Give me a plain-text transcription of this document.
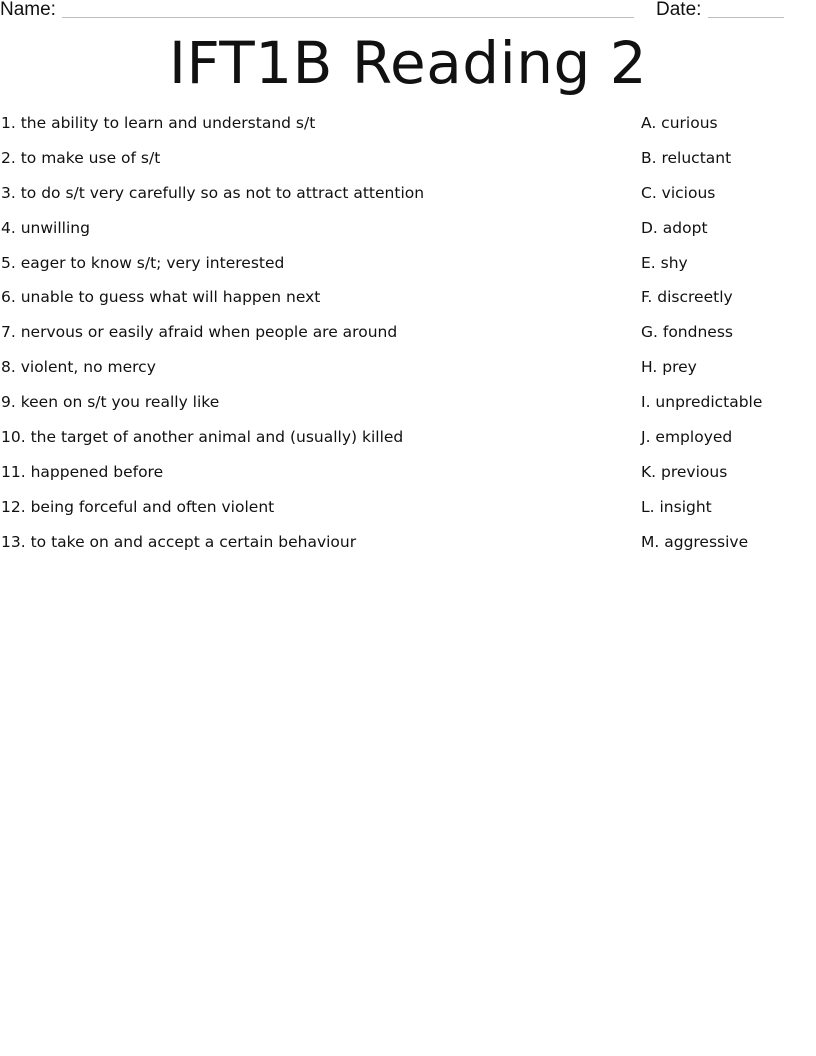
Name:	Date:
IFT1B Reading 2
1. the ability to learn and understand s/t	A. curious
2. to make use of s/t	B. reluctant
3. to do s/t very carefully so as not to attract attention	C. vicious
4. unwilling	D. adopt
5. eager to know s/t; very interested	E. shy
6. unable to guess what will happen next	F. discreetly
7. nervous or easily afraid when people are around	G. fondness
8. violent, no mercy	H. prey
9. keen on s/t you really like	I. unpredictable
10. the target of another animal and (usually) killed	J. employed
11. happened before	K. previous
12. being forceful and often violent	L. insight
13. to take on and accept a certain behaviour	M. aggressive
